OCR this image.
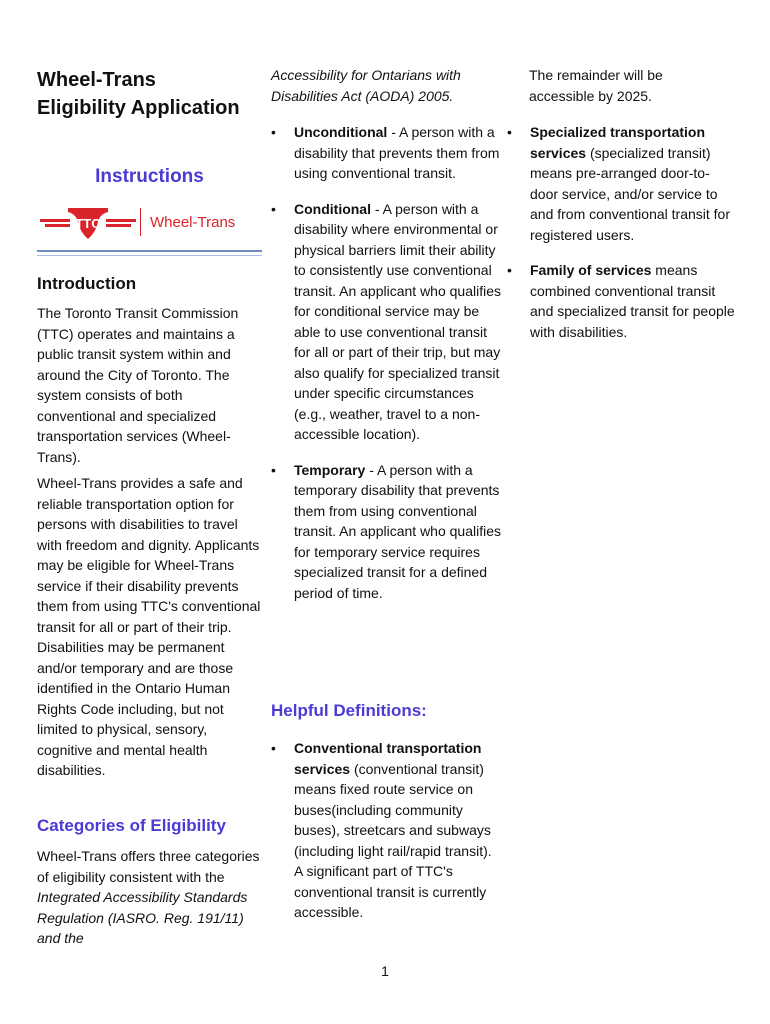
Wheel-Trans
Eligibility Application
Instructions
TTC	Wheel-Trans
Introduction

The Toronto Transit Commission (TTC) operates and maintains a public transit system within and around the City of Toronto. The system consists of both conventional and specialized transportation services (Wheel-Trans).

Wheel-Trans provides a safe and reliable transportation option for persons with disabilities to travel with freedom and dignity. Applicants may be eligible for Wheel-Trans service if their disability prevents them from using TTC's conventional transit for all or part of their trip. Disabilities may be permanent and/or temporary and are those identified in the Ontario Human Rights Code including, but not limited to physical, sensory, cognitive and mental health disabilities.

Categories of Eligibility

Wheel-Trans offers three categories of eligibility consistent with the Integrated Accessibility Standards Regulation (IASRO. Reg. 191/11) and the

Accessibility for Ontarians with Disabilities Act (AODA) 2005.

• Unconditional - A person with a disability that prevents them from using conventional transit.
• Conditional - A person with a disability where environmental or physical barriers limit their ability to consistently use conventional transit. An applicant who qualifies for conditional service may be able to use conventional transit for all or part of their trip, but may also qualify for specialized transit under specific circumstances (e.g., weather, travel to a non-accessible location).
• Temporary - A person with a temporary disability that prevents them from using conventional transit. An applicant who qualifies for temporary service requires specialized transit for a defined period of time.
Helpful Definitions:
• Conventional transportation services (conventional transit) means fixed route service on buses(including community buses), streetcars and subways (including light rail/rapid transit). A significant part of TTC's conventional transit is currently accessible.

The remainder will be accessible by 2025.

• Specialized transportation services (specialized transit) means pre-arranged door-to-door service, and/or service to and from conventional transit for registered users.
• Family of services means combined conventional transit and specialized transit for people with disabilities.
1
